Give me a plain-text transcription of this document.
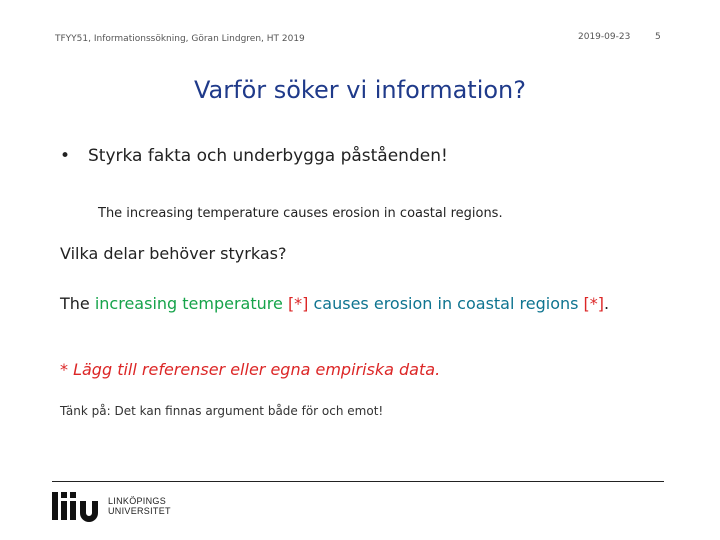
TFYY51, Informationssökning, Göran Lindgren, HT 2019	2019-09-23	5
Varför söker vi information?
• Styrka fakta och underbygga påståenden!
The increasing temperature causes erosion in coastal regions.
Vilka delar behöver styrkas?
The increasing temperature [*] causes erosion in coastal regions [*].
* Lägg till referenser eller egna empiriska data.
Tänk på: Det kan finnas argument både för och emot!
LINKÖPINGS
UNIVERSITET
